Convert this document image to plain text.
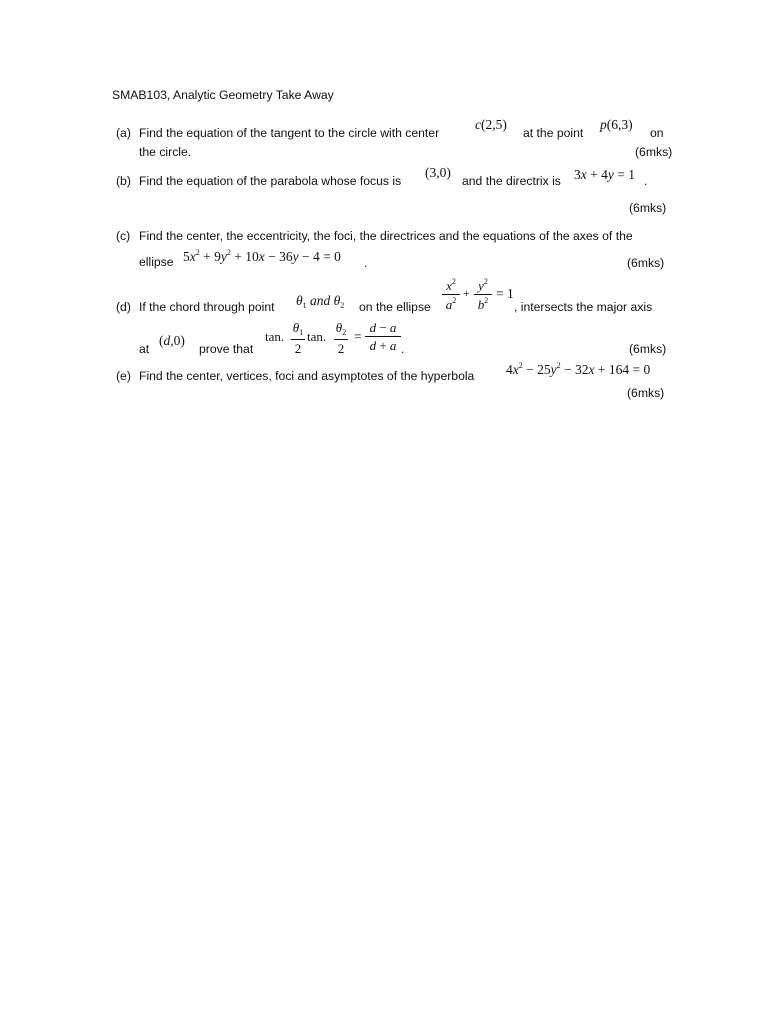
SMAB103, Analytic Geometry Take Away
(a) Find the equation of the tangent to the circle with center
c(2,5)
at the point
p(6,3)
on
the circle.	(6mks)
(b) Find the equation of the parabola whose focus is
(3,0)
and the directrix is 3x + 4y = 1 .
(6mks)
(c) Find the center, the eccentricity, the foci, the directrices and the equations of the axes of the
ellipse $5x^2 + 9y^2 + 10x - 36y - 4 = 0$ .	(6mks)
(d) If the chord through point $\theta_1$ and $\theta_2$ on the ellipse $\frac{x^2}{a^2} + \frac{y^2}{b^2} = 1$
, intersects the major axis
at
(d,0)
prove that
tan. $\frac{\theta_1}{2} \tan$. $\frac{\theta_2}{2} = \frac{d - a}{d + a}$ .	(6mks)
(e) Find the center, vertices, foci and asymptotes of the hyperbola $4x^2 - 25y^2 - 32x + 164 = 0$
(6mks)
